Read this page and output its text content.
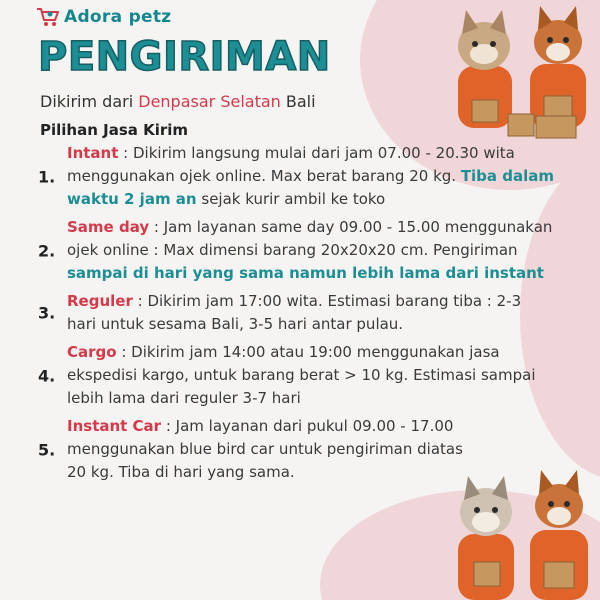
Adora petz
PENGIRIMAN
Dikirim dari Denpasar Selatan Bali
Pilihan Jasa Kirim
1.
Intant : Dikirim langsung mulai dari jam 07.00 - 20.30 wita menggunakan ojek online. Max berat barang 20 kg. Tiba dalam waktu 2 jam an sejak kurir ambil ke toko
2.
Same day : Jam layanan same day 09.00 - 15.00 menggunakan ojek online : Max dimensi barang 20x20x20 cm. Pengiriman sampai di hari yang sama namun lebih lama dari instant
3.
Reguler : Dikirim jam 17:00 wita. Estimasi barang tiba : 2-3 hari untuk sesama Bali, 3-5 hari antar pulau.
4.
Cargo : Dikirim jam 14:00 atau 19:00 menggunakan jasa ekspedisi kargo, untuk barang berat > 10 kg. Estimasi sampai lebih lama dari reguler 3-7 hari
5.
Instant Car : Jam layanan dari pukul 09.00 - 17.00 menggunakan blue bird car untuk pengiriman diatas 20 kg. Tiba di hari yang sama.
